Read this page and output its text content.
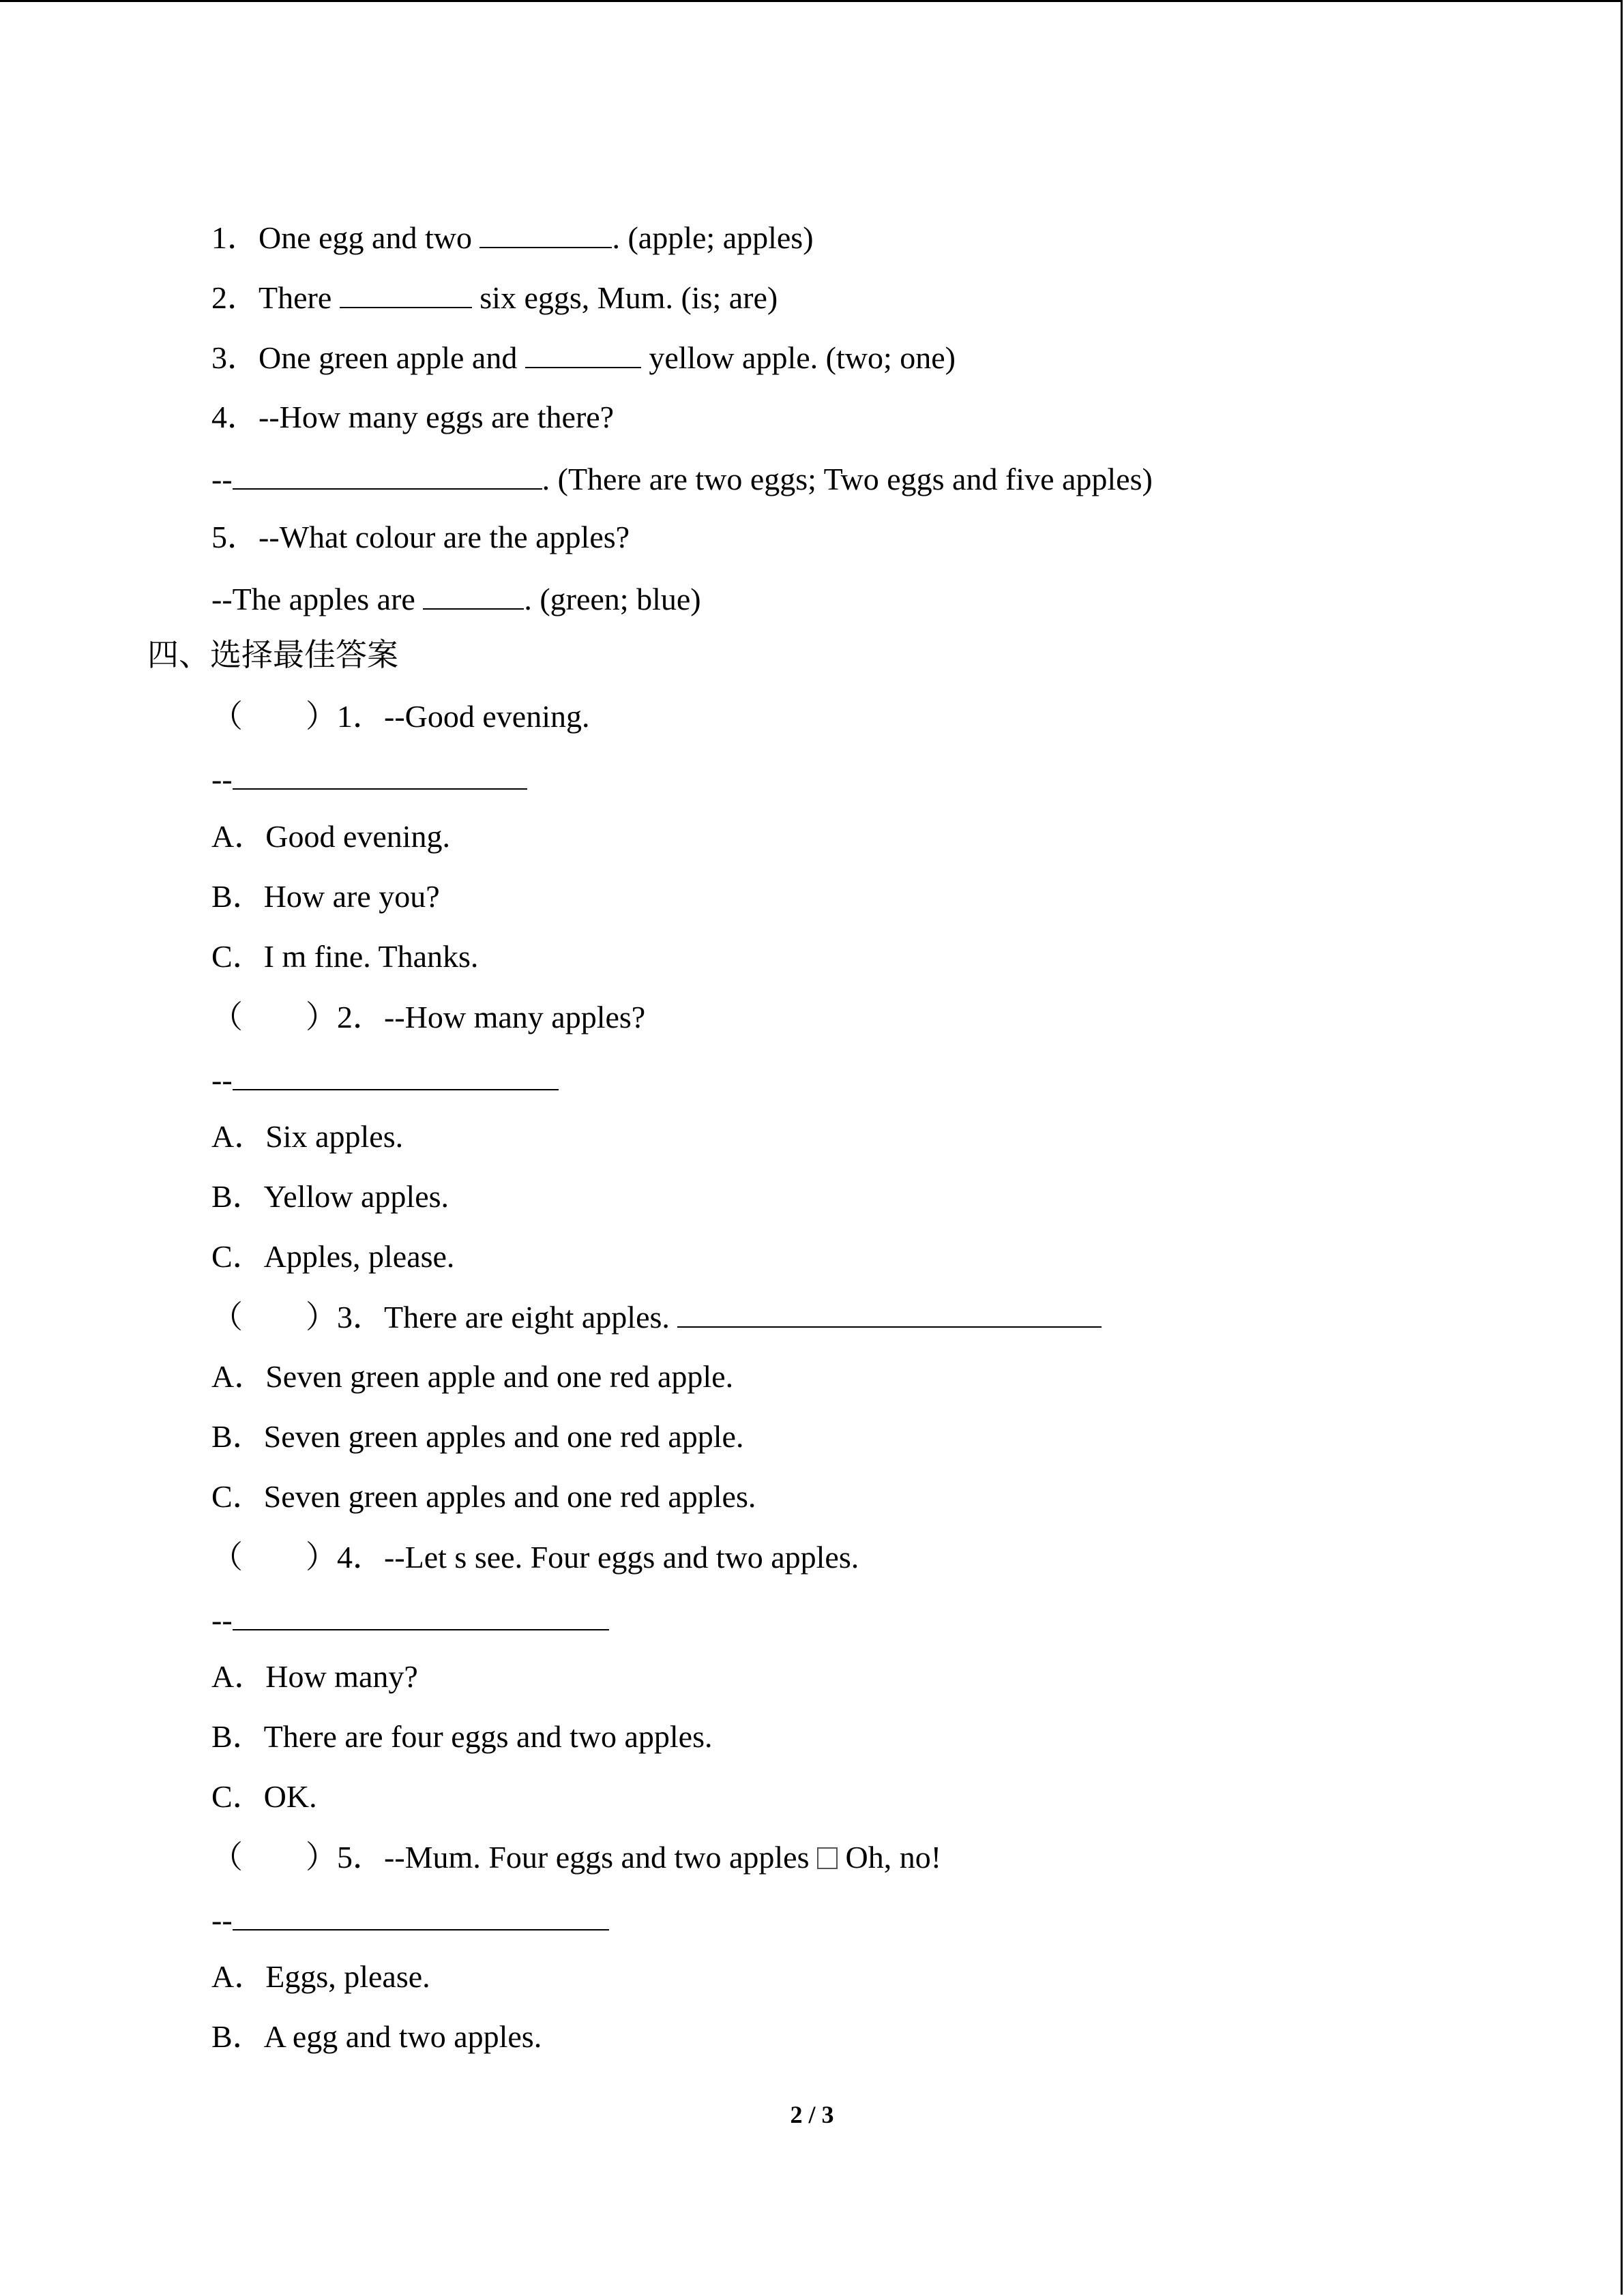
1．One egg and two	. (apple; apples)
2．There	six eggs, Mum. (is; are)
3．One green apple and	yellow apple. (two; one)
4．--How many eggs are there?
--	. (There are two eggs; Two eggs and five apples)
5．--What colour are the apples?
--The apples are	. (green; blue)
四、选择最佳答案
（　　）1．--Good evening.
--
A．Good evening.
B．How are you?
C．I m fine. Thanks.
（　　）2．--How many apples?
--
A．Six apples.
B．Yellow apples.
C．Apples, please.
（　　）3．There are eight apples.
A．Seven green apple and one red apple.
B．Seven green apples and one red apple.
C．Seven green apples and one red apples.
（　　）4．--Let s see. Four eggs and two apples.
--
A．How many?
B．There are four eggs and two apples.
C．OK.
（　　）5．--Mum. Four eggs and two apples  Oh, no!
--
A．Eggs, please.
B．A egg and two apples.
2 / 3
